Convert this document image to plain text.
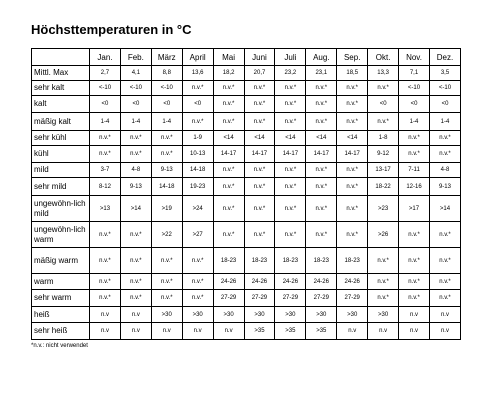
Höchsttemperaturen in °C
	Jan.	Feb.	März	April	Mai	Juni	Juli	Aug.	Sep.	Okt.	Nov.	Dez.
Mittl. Max	2,7	4,1	8,8	13,6	18,2	20,7	23,2	23,1	18,5	13,3	7,1	3,5
sehr kalt	<-10	<-10	<-10	n.v.*	n.v.*	n.v.*	n.v.*	n.v.*	n.v.*	n.v.*	<-10	<-10
kalt	<0	<0	<0	<0	n.v.*	n.v.*	n.v.*	n.v.*	n.v.*	<0	<0	<0
mäßig kalt	1-4	1-4	1-4	n.v.*	n.v.*	n.v.*	n.v.*	n.v.*	n.v.*	n.v.*	1-4	1-4
sehr kühl	n.v.*	n.v.*	n.v.*	1-9	<14	<14	<14	<14	<14	1-8	n.v.*	n.v.*
kühl	n.v.*	n.v.*	n.v.*	10-13	14-17	14-17	14-17	14-17	14-17	9-12	n.v.*	n.v.*
mild	3-7	4-8	9-13	14-18	n.v.*	n.v.*	n.v.*	n.v.*	n.v.*	13-17	7-11	4-8
sehr mild	8-12	9-13	14-18	19-23	n.v.*	n.v.*	n.v.*	n.v.*	n.v.*	18-22	12-16	9-13
ungewöhn-lich mild	>13	>14	>19	>24	n.v.*	n.v.*	n.v.*	n.v.*	n.v.*	>23	>17	>14
ungewöhn-lich warm	n.v.*	n.v.*	>22	>27	n.v.*	n.v.*	n.v.*	n.v.*	n.v.*	>26	n.v.*	n.v.*
mäßig warm	n.v.*	n.v.*	n.v.*	n.v.*	18-23	18-23	18-23	18-23	18-23	n.v.*	n.v.*	n.v.*
warm	n.v.*	n.v.*	n.v.*	n.v.*	24-26	24-26	24-26	24-26	24-26	n.v.*	n.v.*	n.v.*
sehr warm	n.v.*	n.v.*	n.v.*	n.v.*	27-29	27-29	27-29	27-29	27-29	n.v.*	n.v.*	n.v.*
heiß	n.v	n.v	>30	>30	>30	>30	>30	>30	>30	>30	n.v	n.v
sehr heiß	n.v	n.v	n.v	n.v	n.v	>35	>35	>35	n.v	n.v	n.v	n.v
*n.v.: nicht verwendet
